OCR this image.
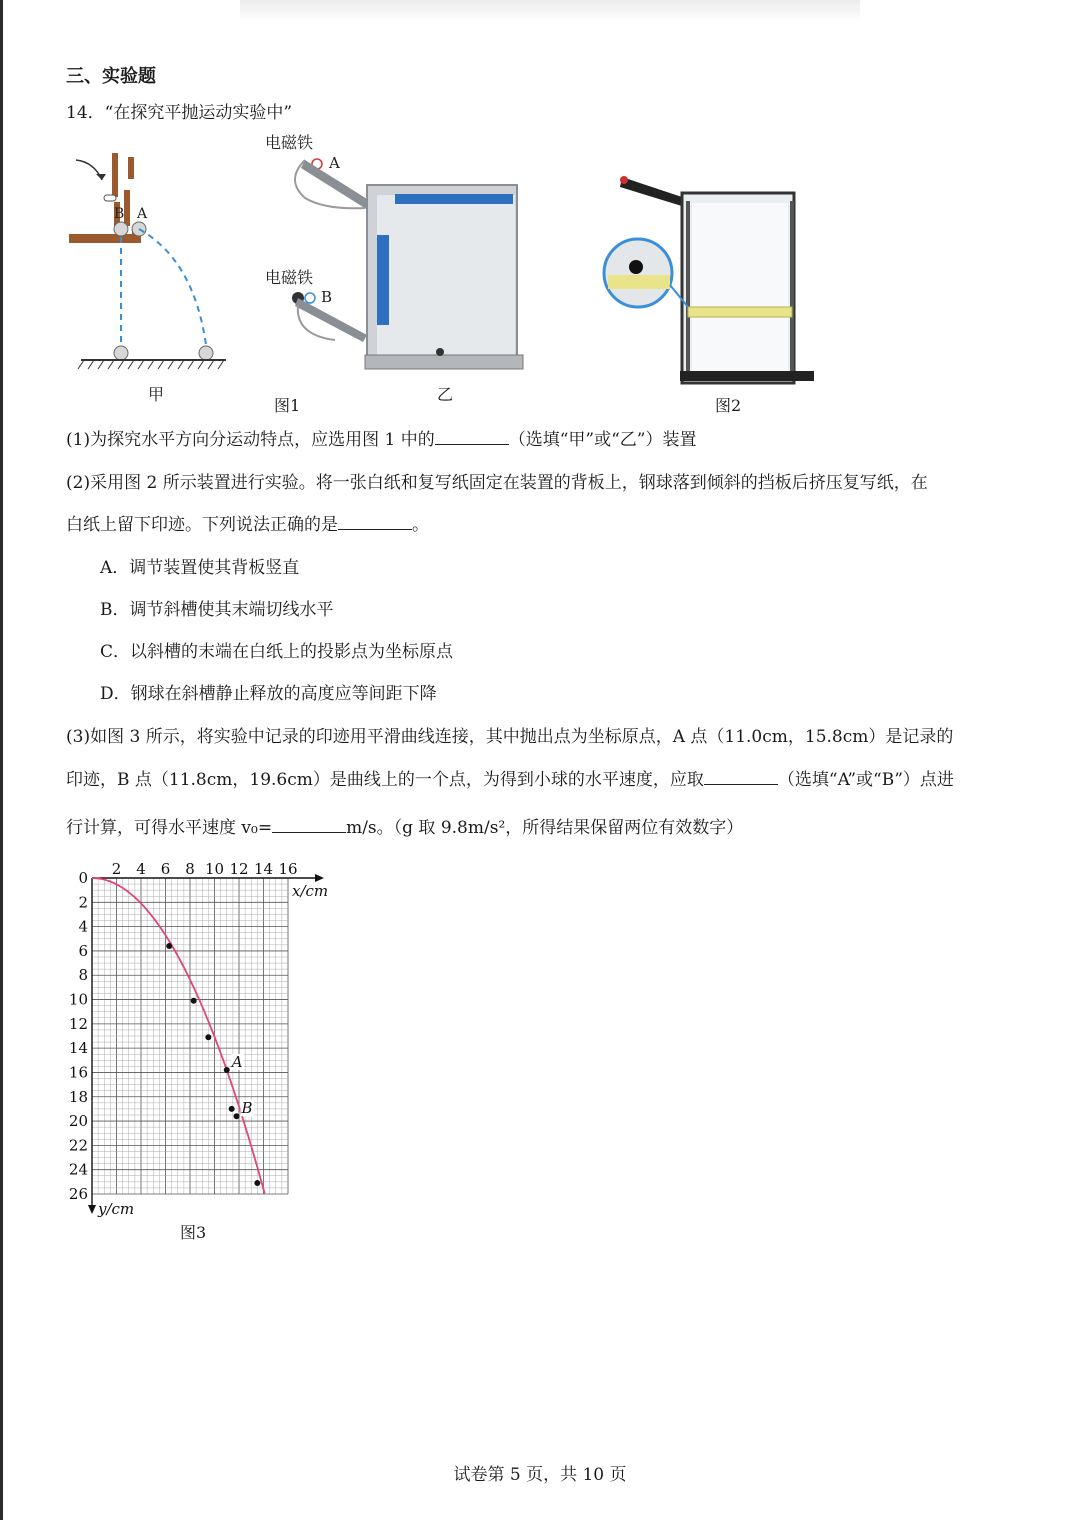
三、实验题
14．“在探究平抛运动实验中”
B A
甲
电磁铁
A
电磁铁
B
乙
图1	图2
(1)为探究水平方向分运动特点，应选用图 1 中的	（选填“甲”或“乙”）装置
(2)采用图 2 所示装置进行实验。将一张白纸和复写纸固定在装置的背板上，钢球落到倾斜的挡板后挤压复写纸，在
白纸上留下印迹。下列说法正确的是	。
A．调节装置使其背板竖直
B．调节斜槽使其末端切线水平
C．以斜槽的末端在白纸上的投影点为坐标原点
D．钢球在斜槽静止释放的高度应等间距下降
(3)如图 3 所示，将实验中记录的印迹用平滑曲线连接，其中抛出点为坐标原点，A 点（11.0cm，15.8cm）是记录的
印迹，B 点（11.8cm，19.6cm）是曲线上的一个点，为得到小球的水平速度，应取	（选填“A”或“B”）点进
行计算，可得水平速度 v₀=	m/s。（g 取 9.8m/s²，所得结果保留两位有效数字）
2 4 6 8 10 12 14 16
0
2
4
6
8
10
12
14
16
18
20
22
24
26
x/cm
y/cm
A
B
图3
试卷第 5 页，共 10 页
